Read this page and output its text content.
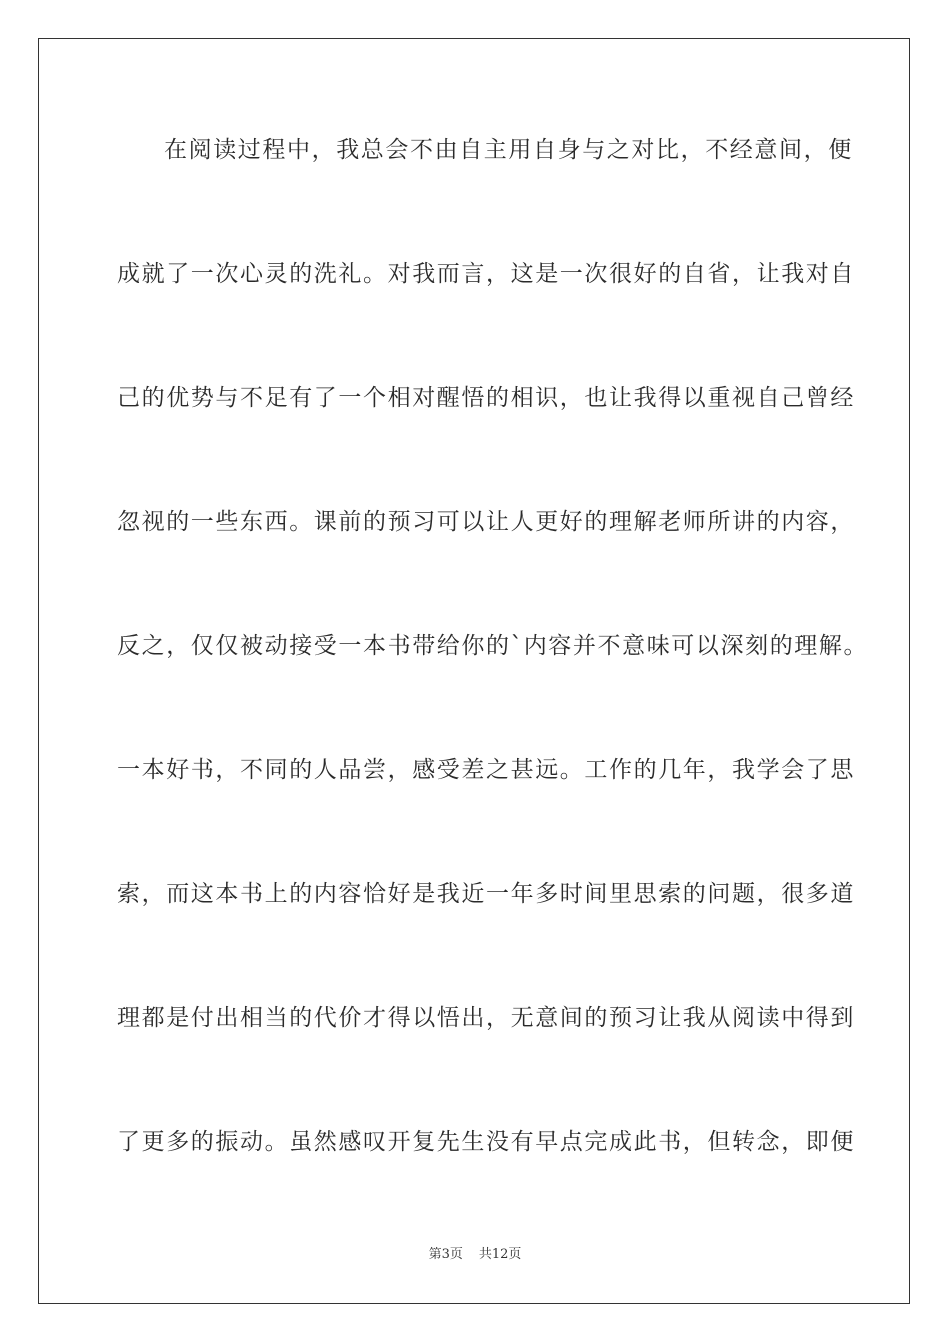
在阅读过程中，我总会不由自主用自身与之对比，不经意间，便
成就了一次心灵的洗礼。对我而言，这是一次很好的自省，让我对自
己的优势与不足有了一个相对醒悟的相识，也让我得以重视自己曾经
忽视的一些东西。课前的预习可以让人更好的理解老师所讲的内容，
反之，仅仅被动接受一本书带给你的`内容并不意味可以深刻的理解。
一本好书，不同的人品尝，感受差之甚远。工作的几年，我学会了思
索，而这本书上的内容恰好是我近一年多时间里思索的问题，很多道
理都是付出相当的代价才得以悟出，无意间的预习让我从阅读中得到
了更多的振动。虽然感叹开复先生没有早点完成此书，但转念，即便
第3页 共12页
